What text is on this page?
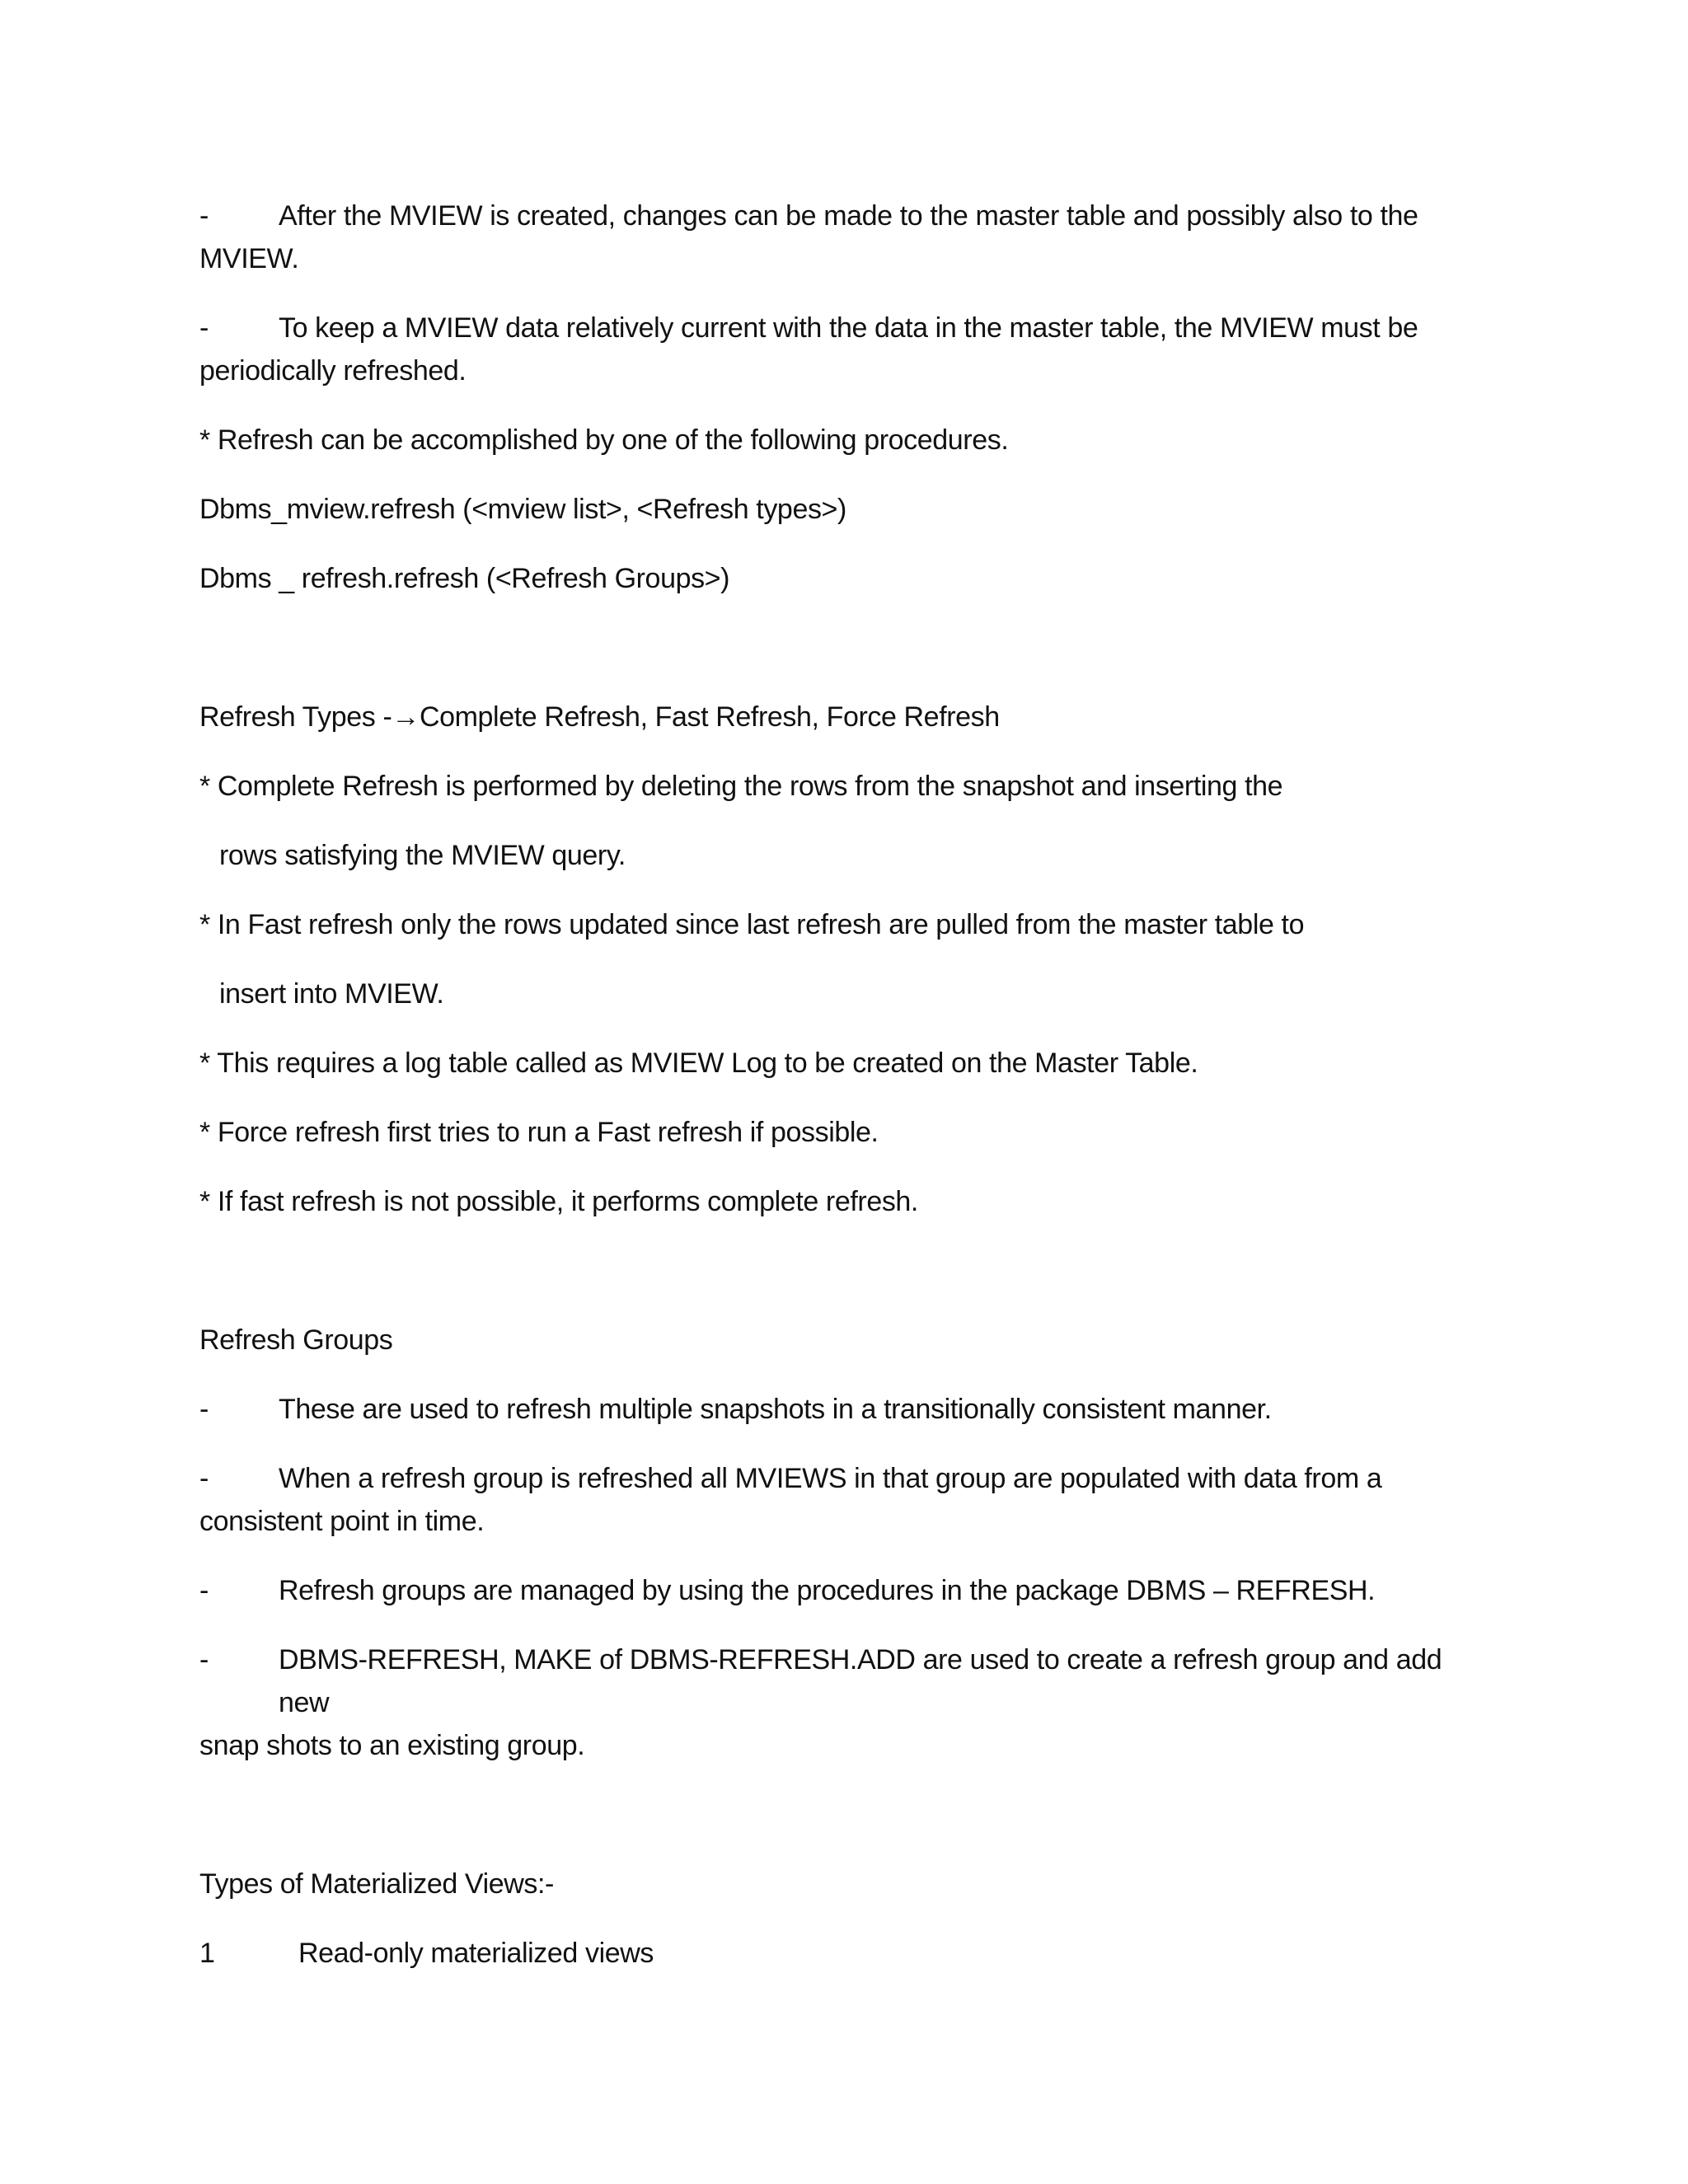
-	After the MVIEW is created, changes can be made to the master table and possibly also to the
MVIEW.
-	To keep a MVIEW data relatively current with the data in the master table, the MVIEW must be
periodically refreshed.
* Refresh can be accomplished by one of the following procedures.
Dbms_mview.refresh (<mview list>, <Refresh types>)
Dbms _ refresh.refresh (<Refresh Groups>)
Refresh Types -→Complete Refresh, Fast Refresh, Force Refresh
* Complete Refresh is performed by deleting the rows from the snapshot and inserting the
rows satisfying the MVIEW query.
* In Fast refresh only the rows updated since last refresh are pulled from the master table to
insert into MVIEW.
* This requires a log table called as MVIEW Log to be created on the Master Table.
* Force refresh first tries to run a Fast refresh if possible.
* If fast refresh is not possible, it performs complete refresh.
Refresh Groups
-	These are used to refresh multiple snapshots in a transitionally consistent manner.
-	When a refresh group is refreshed all MVIEWS in that group are populated with data from a
consistent point in time.
-	Refresh groups are managed by using the procedures in the package DBMS – REFRESH.
-	DBMS-REFRESH, MAKE of DBMS-REFRESH.ADD are used to create a refresh group and add new
snap shots to an existing group.
Types of Materialized Views:-
1	Read-only materialized views
